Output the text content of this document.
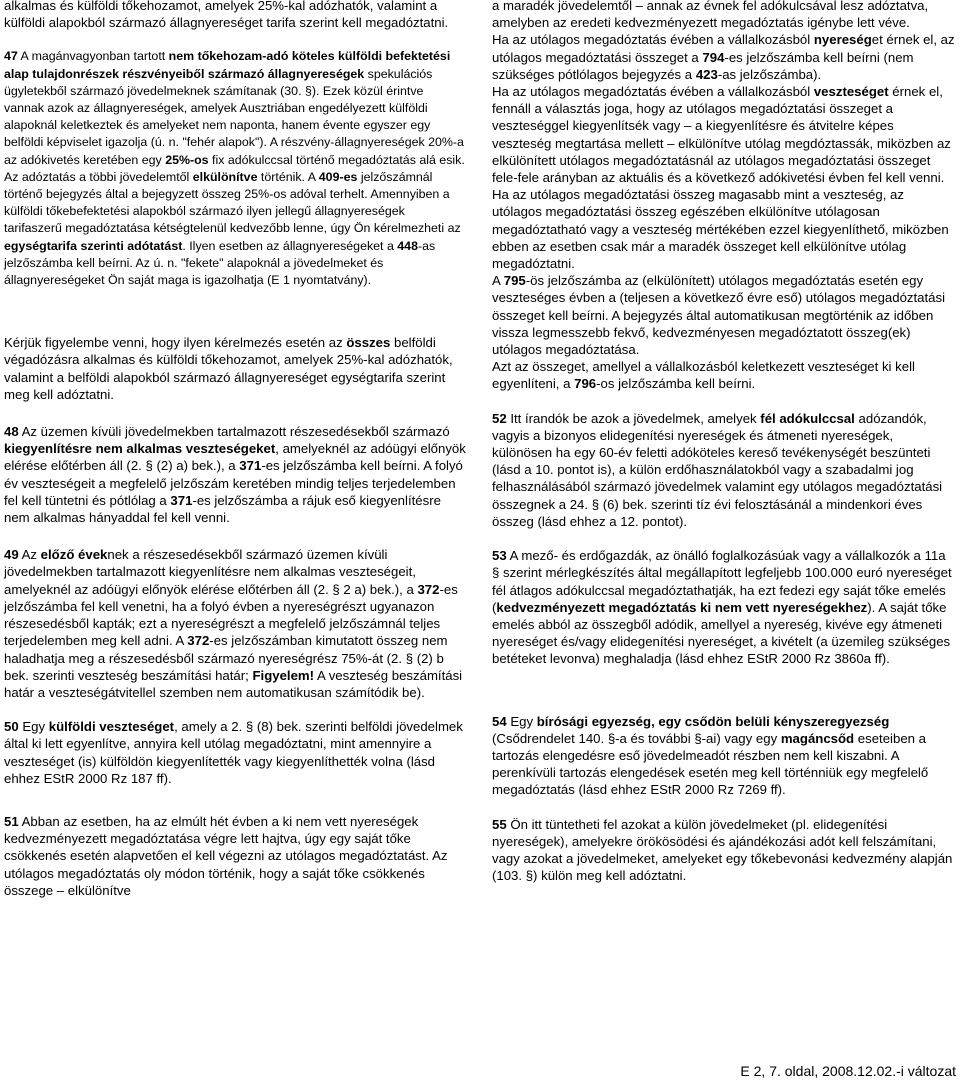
alkalmas és külföldi tőkehozamot, amelyek 25%-kal adózhatók, valamint a külföldi alapokból származó állagnyereséget tarifa szerint kell megadóztatni.

47 A magánvagyonban tartott nem tőkehozam-adó köteles külföldi befektetési alap tulajdonrészek részvényeiből származó állagnyereségek spekulációs ügyletekből származó jövedelmeknek számítanak (30. §). Ezek közül érintve vannak azok az állagnyereségek, amelyek Ausztriában engedélyezett külföldi alapoknál keletkeztek és amelyeket nem naponta, hanem évente egyszer egy belföldi képviselet igazolja (ú. n. "fehér alapok"). A részvény-állagnyereségek 20%-a az adókivetés keretében egy 25%-os fix adókulccsal történő megadóztatás alá esik. Az adóztatás a többi jövedelemtől elkülönítve történik. A 409-es jelzőszámnál történő bejegyzés által a bejegyzett összeg 25%-os adóval terhelt. Amennyiben a külföldi tőkebefektetési alapokból származó ilyen jellegű állagnyereségek tarifaszerű megadóztatása kétségtelenül kedvezőbb lenne, úgy Ön kérelmezheti az egységtarifa szerinti adótatást. Ilyen esetben az állagnyereségeket a 448-as jelzőszámba kell beírni. Az ú. n. "fekete" alapoknál a jövedelmeket és állagnyereségeket Ön saját maga is igazolhatja (E 1 nyomtatvány).

Kérjük figyelembe venni, hogy ilyen kérelmezés esetén az összes belföldi végadózásra alkalmas és külföldi tőkehozamot, amelyek 25%-kal adózhatók, valamint a belföldi alapokból származó állagnyereséget egységtarifa szerint meg kell adóztatni.

48 Az üzemen kívüli jövedelmekben tartalmazott részesedésekből származó kiegyenlítésre nem alkalmas veszteségeket, amelyeknél az adóügyi előnyök elérése előtérben áll (2. § (2) a) bek.), a 371-es jelzőszámba kell beírni. A folyó év veszteségeit a megfelelő jelzőszám keretében mindig teljes terjedelemben fel kell tüntetni és pótlólag a 371-es jelzőszámba a rájuk eső kiegyenlítésre nem alkalmas hányaddal fel kell venni.

49 Az előző éveknek a részesedésekből származó üzemen kívüli jövedelmekben tartalmazott kiegyenlítésre nem alkalmas veszteségeit, amelyeknél az adóügyi előnyök elérése előtérben áll (2. § 2 a) bek.), a 372-es jelzőszámba fel kell venetni, ha a folyó évben a nyereségrészt ugyanazon részesedésből kapták; ezt a nyereségrészt a megfelelő jelzőszámnál teljes terjedelemben meg kell adni. A 372-es jelzőszámban kimutatott összeg nem haladhatja meg a részesedésből származó nyereségrész 75%-át (2. § (2) b bek. szerinti veszteség beszámítási határ; Figyelem! A veszteség beszámítási határ a veszteségátvitellel szemben nem automatikusan számítódik be).

50 Egy külföldi veszteséget, amely a 2. § (8) bek. szerinti belföldi jövedelmek által ki lett egyenlítve, annyira kell utólag megadóztatni, mint amennyire a veszteséget (is) külföldön kiegyenlítették vagy kiegyenlíthették volna (lásd ehhez EStR 2000 Rz 187 ff).

51 Abban az esetben, ha az elmúlt hét évben a ki nem vett nyereségek kedvezményezett megadóztatása végre lett hajtva, úgy egy saját tőke csökkenés esetén alapvetően el kell végezni az utólagos megadóztatást. Az utólagos megadóztatás oly módon történik, hogy a saját tőke csökkenés összege – elkülönítve

a maradék jövedelemtől – annak az évnek fel adókulcsával lesz adóztatva, amelyben az eredeti kedvezményezett megadóztatás igénybe lett véve.

Ha az utólagos megadóztatás évében a vállalkozásból nyereséget érnek el, az utólagos megadóztatási összeget a 794-es jelzőszámba kell beírni (nem szükséges pótlólagos bejegyzés a 423-as jelzőszámba).

Ha az utólagos megadóztatás évében a vállalkozásból veszteséget érnek el, fennáll a választás joga, hogy az utólagos megadóztatási összeget a veszteséggel kiegyenlítsék vagy – a kiegyenlítésre és átvitelre képes veszteség megtartása mellett – elkülönítve utólag megdóztassák, miközben az elkülönített utólagos megadóztatásnál az utólagos megadóztatási összeget fele-fele arányban az aktuális és a következő adókivetési évben fel kell venni. Ha az utólagos megadóztatási összeg magasabb mint a veszteség, az utólagos megadóztatási összeg egészében elkülönítve utólagosan megadóztatható vagy a veszteség mértékében ezzel kiegyenlíthető, miközben ebben az esetben csak már a maradék összeget kell elkülönítve utólag megadóztatni.

A 795-ös jelzőszámba az (elkülönített) utólagos megadóztatás esetén egy veszteséges évben a (teljesen a következő évre eső) utólagos megadóztatási összeget kell beírni. A bejegyzés által automatikusan megtörténik az időben vissza legmesszebb fekvő, kedvezményesen megadóztatott összeg(ek) utólagos megadóztatása.

Azt az összeget, amellyel a vállalkozásból keletkezett veszteséget ki kell egyenlíteni, a 796-os jelzőszámba kell beírni.

52 Itt írandók be azok a jövedelmek, amelyek fél adókulccsal adózandók, vagyis a bizonyos elidegenítési nyereségek és átmeneti nyereségek, különösen ha egy 60-év feletti adóköteles kereső tevékenységét beszünteti (lásd a 10. pontot is), a külön erdőhasználatokból vagy a szabadalmi jog felhasználásából származó jövedelmek valamint egy utólagos megadóztatási összegnek a 24. § (6) bek. szerinti tíz évi felosztásánál a mindenkori éves összeg (lásd ehhez a 12. pontot).

53 A mező- és erdőgazdák, az önálló foglalkozásúak vagy a vállalkozók a 11a § szerint mérlegkészítés által megállapított legfeljebb 100.000 euró nyereséget fél átlagos adókulccsal megadóztathatják, ha ezt fedezi egy saját tőke emelés (kedvezményezett megadóztatás ki nem vett nyereségekhez). A saját tőke emelés abból az összegből adódik, amellyel a nyereség, kivéve egy átmeneti nyereséget és/vagy elidegenítési nyereséget, a kivételt (a üzemileg szükséges betéteket levonva) meghaladja (lásd ehhez EStR 2000 Rz 3860a ff).

54 Egy bírósági egyezség, egy csődön belüli kényszeregyezség (Csődrendelet 140. §-a és további §-ai) vagy egy magáncsőd eseteiben a tartozás elengedésre eső jövedelmeadót részben nem kell kiszabni. A perenkívüli tartozás elengedések esetén meg kell történniük egy megfelelő megadóztatás (lásd ehhez EStR 2000 Rz 7269 ff).

55 Ön itt tüntetheti fel azokat a külön jövedelmeket (pl. elidegenítési nyereségek), amelyekre örökösödési és ajándékozási adót kell felszámítani, vagy azokat a jövedelmeket, amelyeket egy tőkebevonási kedvezmény alapján (103. §) külön meg kell adóztatni.

E 2, 7. oldal, 2008.12.02.-i változat
